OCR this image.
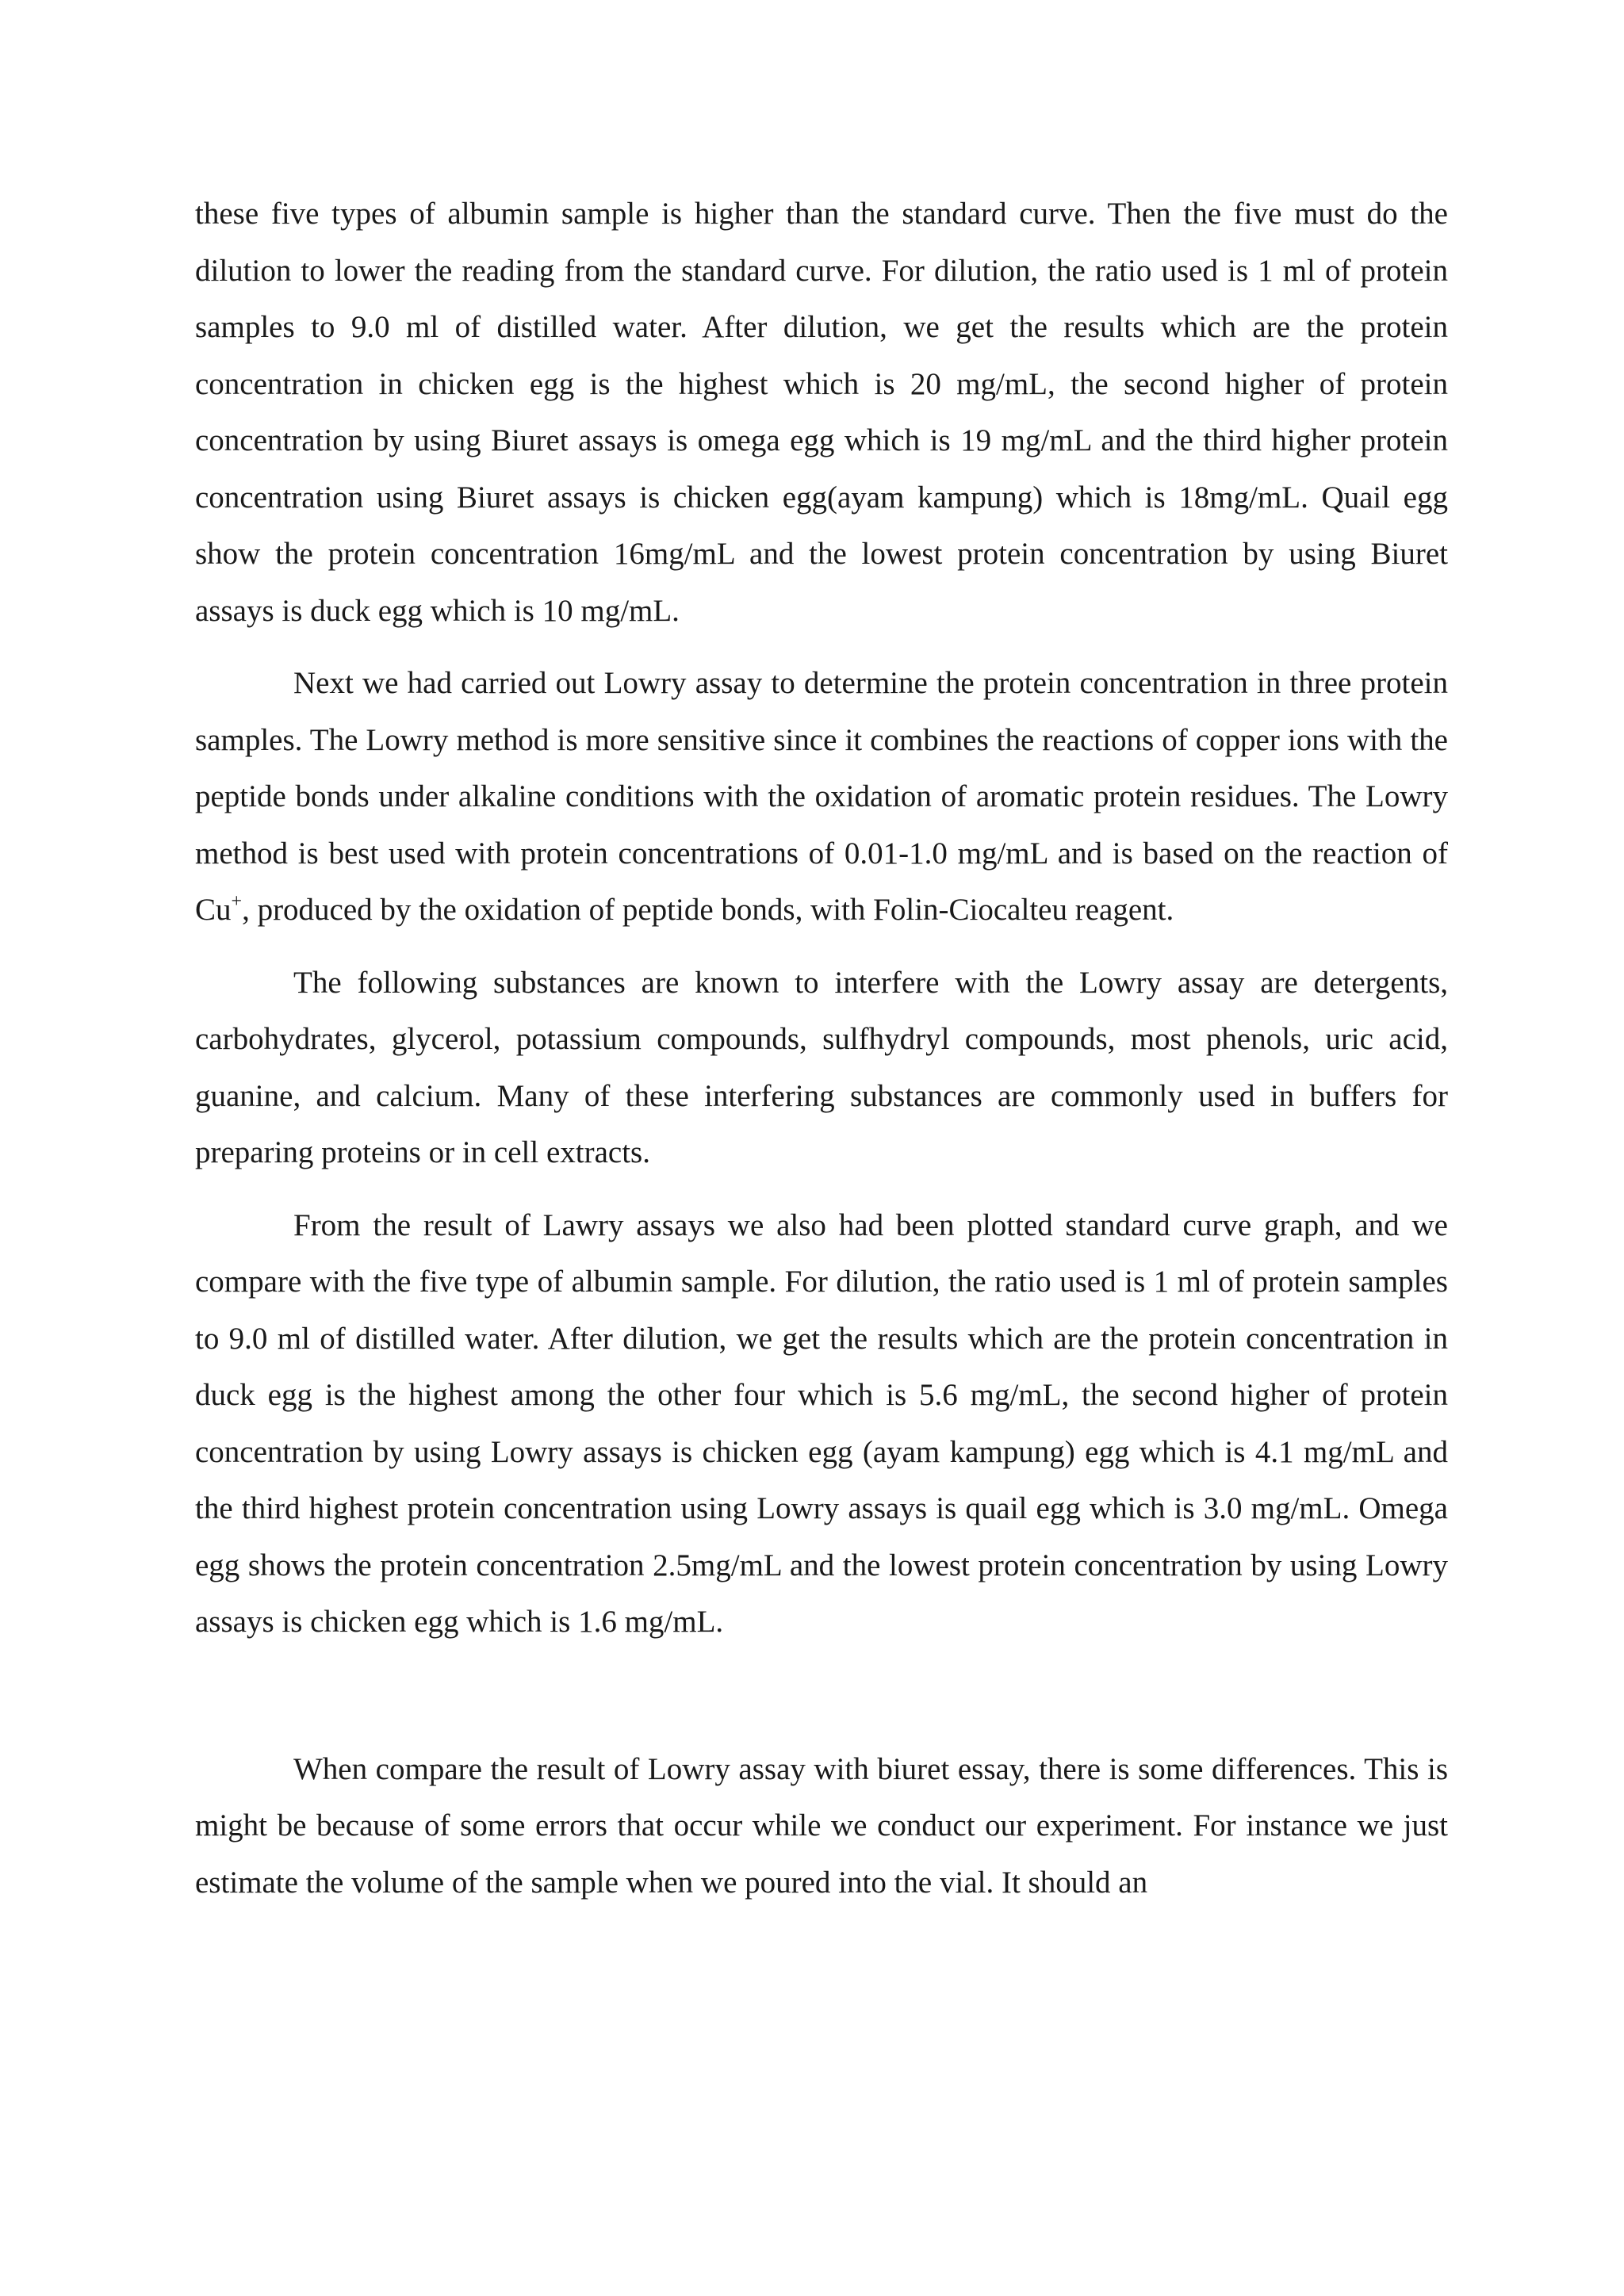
these five types of albumin sample is higher than the standard curve. Then the five must do the dilution to lower the reading from the standard curve. For dilution, the ratio used is 1 ml of protein samples to 9.0 ml of distilled water. After dilution, we get the results which are the protein concentration in chicken egg is the highest which is 20 mg/mL, the second higher of protein concentration by using Biuret assays is omega egg which is 19 mg/mL and the third higher protein concentration using Biuret assays is chicken egg(ayam kampung) which is 18mg/mL. Quail egg show the protein concentration 16mg/mL and the lowest protein concentration by using Biuret assays is duck egg which is 10 mg/mL.

Next we had carried out Lowry assay to determine the protein concentration in three protein samples. The Lowry method is more sensitive since it combines the reactions of copper ions with the peptide bonds under alkaline conditions with the oxidation of aromatic protein residues. The Lowry method is best used with protein concentrations of 0.01-1.0 mg/mL and is based on the reaction of Cu+, produced by the oxidation of peptide bonds, with Folin-Ciocalteu reagent.

The following substances are known to interfere with the Lowry assay are detergents, carbohydrates, glycerol, potassium compounds, sulfhydryl compounds, most phenols, uric acid, guanine, and calcium. Many of these interfering substances are commonly used in buffers for preparing proteins or in cell extracts.

From the result of Lawry assays we also had been plotted standard curve graph, and we compare with the five type of albumin sample. For dilution, the ratio used is 1 ml of protein samples to 9.0 ml of distilled water. After dilution, we get the results which are the protein concentration in duck egg is the highest among the other four which is 5.6 mg/mL, the second higher of protein concentration by using Lowry assays is chicken egg (ayam kampung) egg which is 4.1 mg/mL and the third highest protein concentration using Lowry assays is quail egg which is 3.0 mg/mL. Omega egg shows the protein concentration 2.5mg/mL and the lowest protein concentration by using Lowry assays is chicken egg which is 1.6 mg/mL.

When compare the result of Lowry assay with biuret essay, there is some differences. This is might be because of some errors that occur while we conduct our experiment. For instance we just estimate the volume of the sample when we poured into the vial. It should an
